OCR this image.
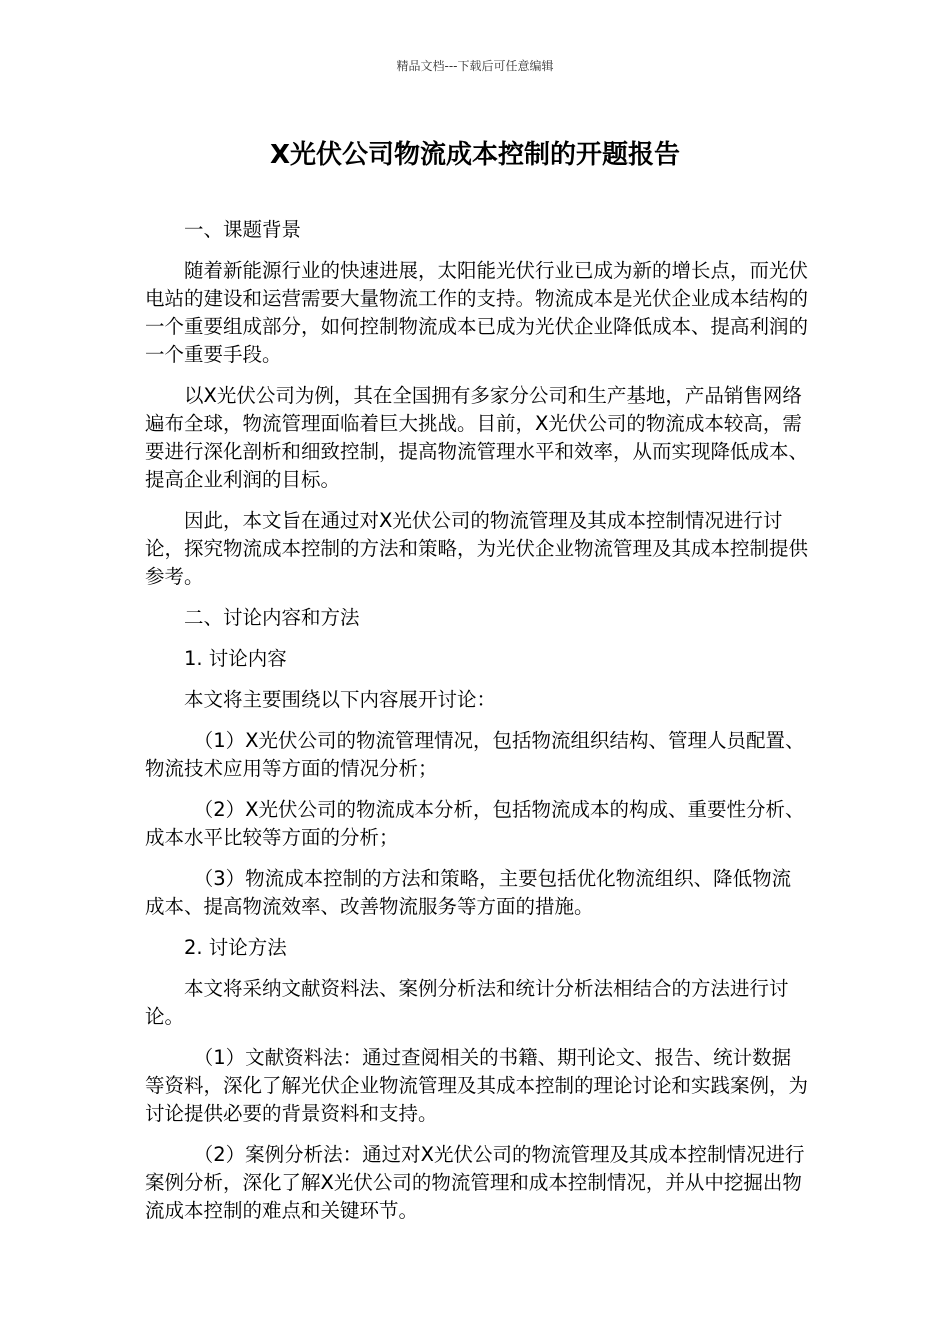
精品文档---下载后可任意编辑
X光伏公司物流成本控制的开题报告

一、课题背景

随着新能源行业的快速进展，太阳能光伏行业已成为新的增长点，而光伏电站的建设和运营需要大量物流工作的支持。物流成本是光伏企业成本结构的一个重要组成部分，如何控制物流成本已成为光伏企业降低成本、提高利润的一个重要手段。

以X光伏公司为例，其在全国拥有多家分公司和生产基地，产品销售网络遍布全球，物流管理面临着巨大挑战。目前，X光伏公司的物流成本较高，需要进行深化剖析和细致控制，提高物流管理水平和效率，从而实现降低成本、提高企业利润的目标。

因此，本文旨在通过对X光伏公司的物流管理及其成本控制情况进行讨论，探究物流成本控制的方法和策略，为光伏企业物流管理及其成本控制提供参考。

二、讨论内容和方法

1. 讨论内容

本文将主要围绕以下内容展开讨论：

（1）X光伏公司的物流管理情况，包括物流组织结构、管理人员配置、物流技术应用等方面的情况分析；

（2）X光伏公司的物流成本分析，包括物流成本的构成、重要性分析、成本水平比较等方面的分析；

（3）物流成本控制的方法和策略，主要包括优化物流组织、降低物流成本、提高物流效率、改善物流服务等方面的措施。

2. 讨论方法

本文将采纳文献资料法、案例分析法和统计分析法相结合的方法进行讨论。

（1）文献资料法：通过查阅相关的书籍、期刊论文、报告、统计数据等资料，深化了解光伏企业物流管理及其成本控制的理论讨论和实践案例，为讨论提供必要的背景资料和支持。

（2）案例分析法：通过对X光伏公司的物流管理及其成本控制情况进行案例分析，深化了解X光伏公司的物流管理和成本控制情况，并从中挖掘出物流成本控制的难点和关键环节。
